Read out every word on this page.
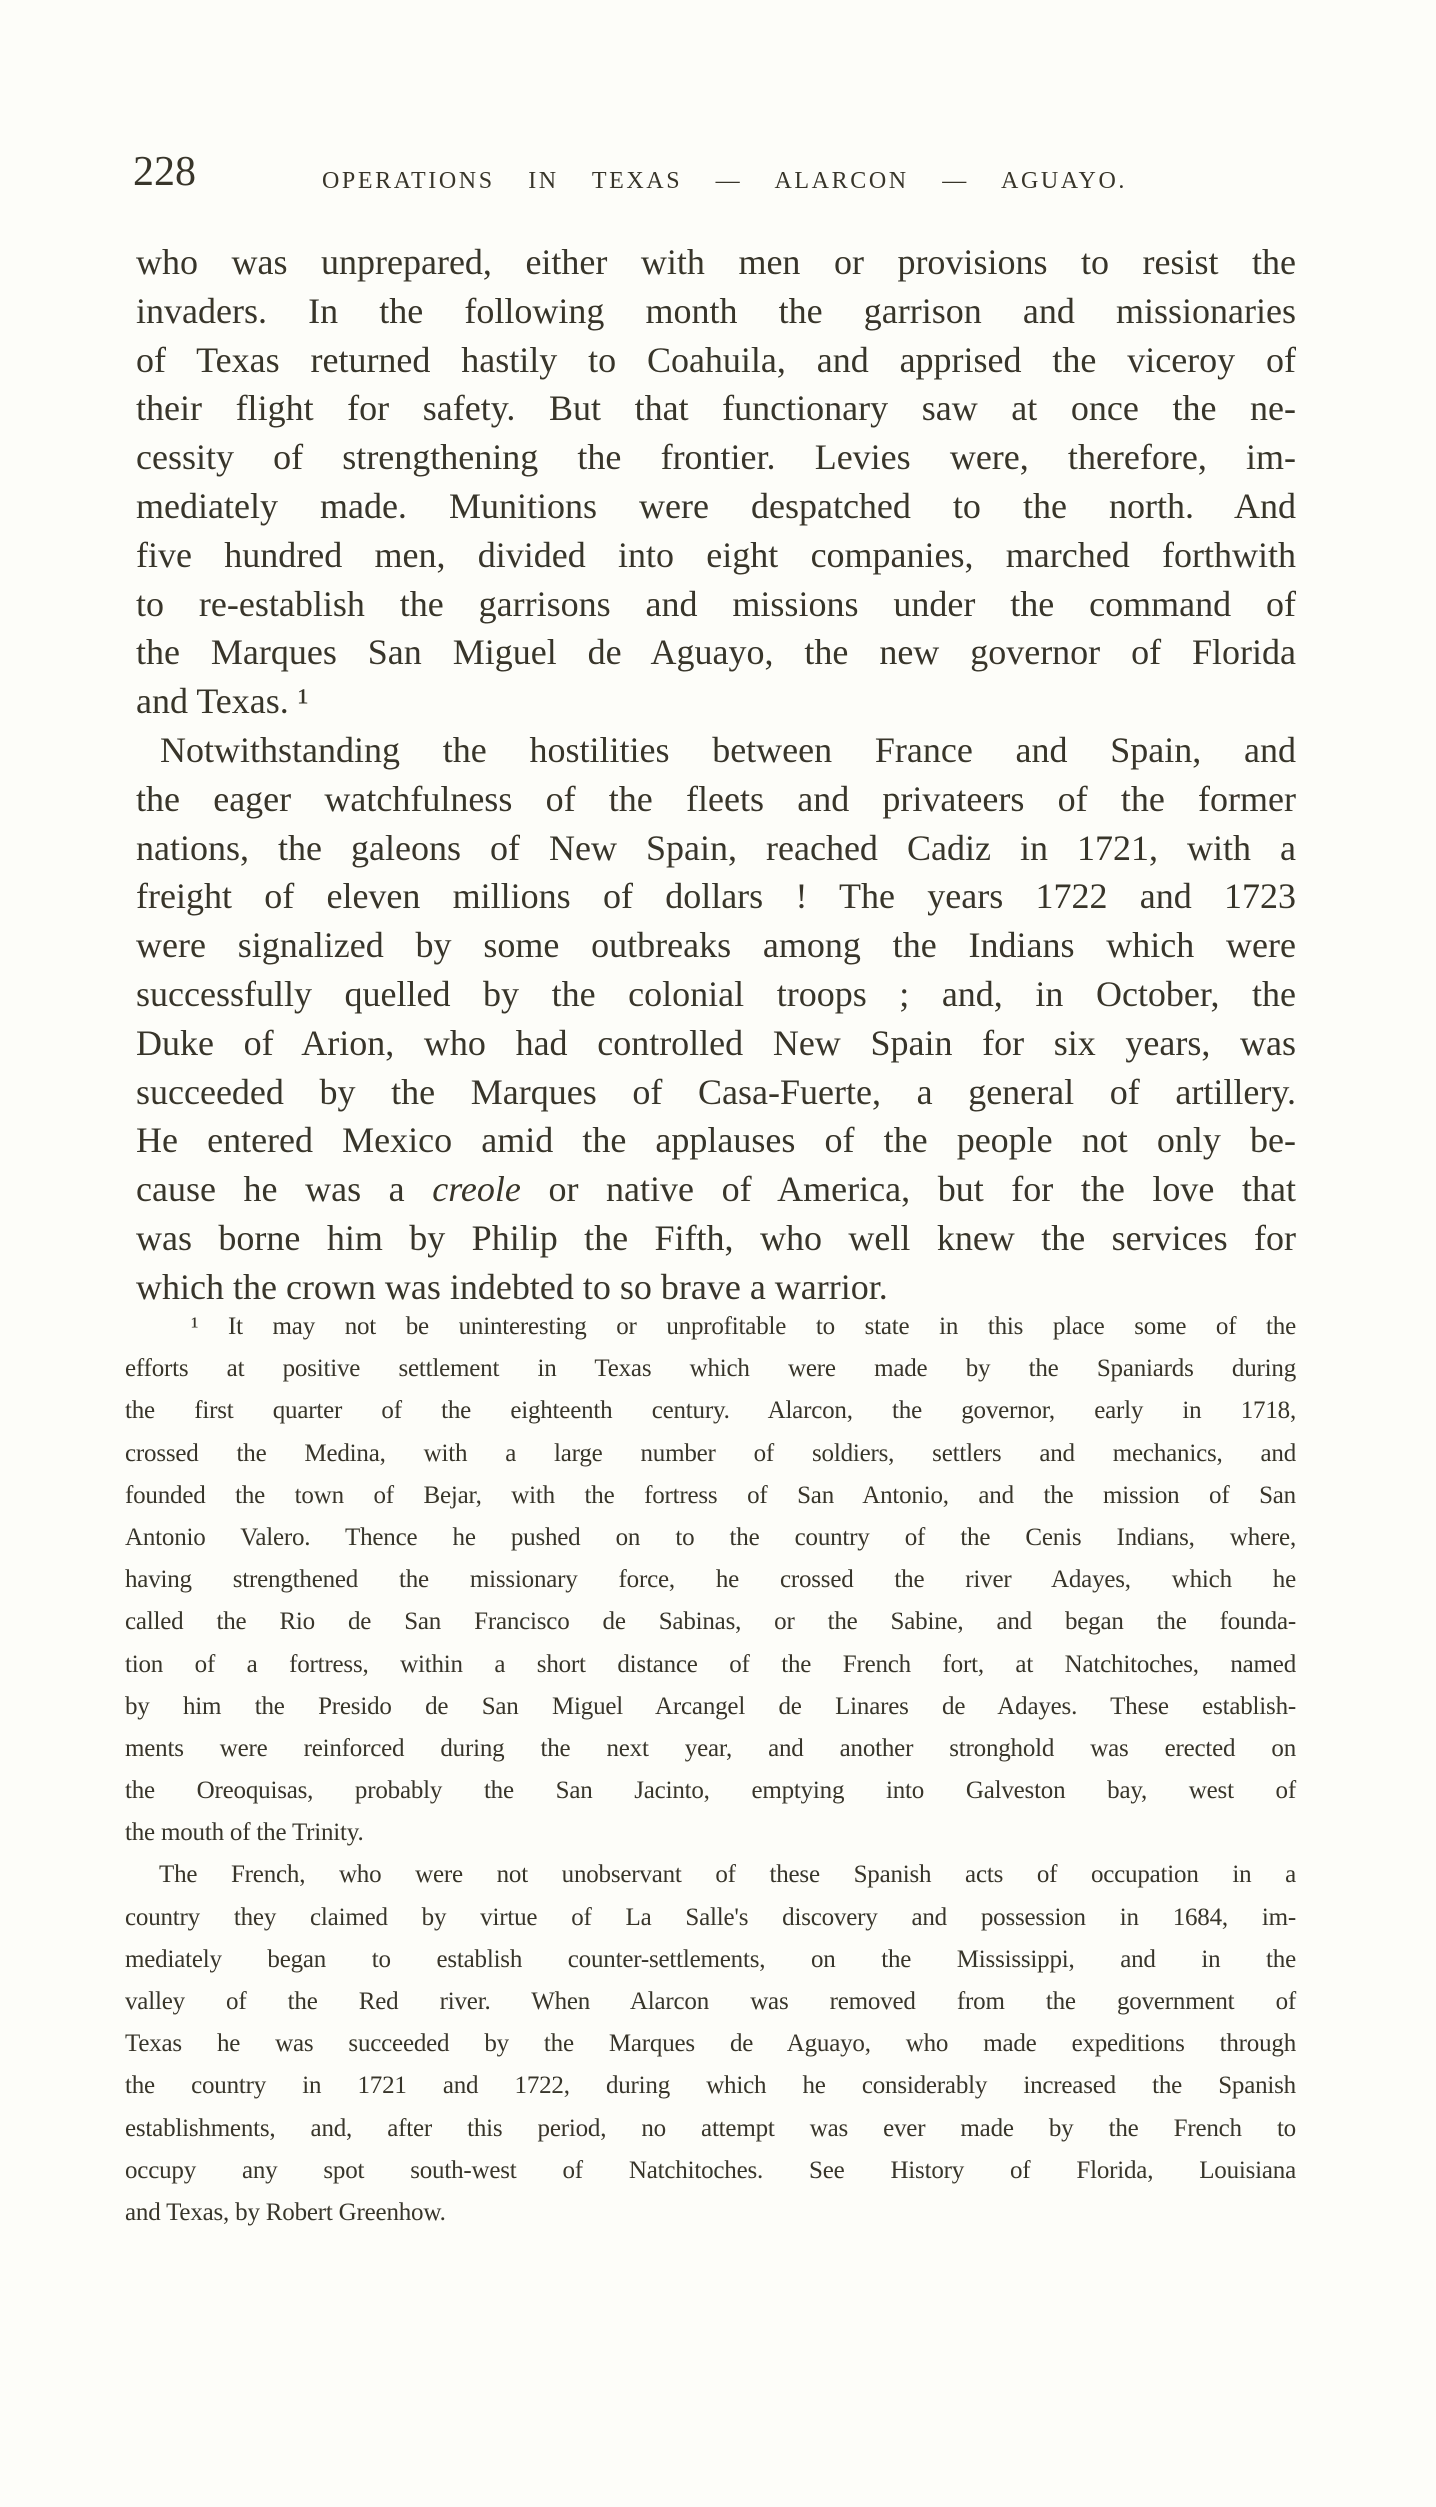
228	OPERATIONS IN TEXAS — ALARCON — AGUAYO.
who was unprepared, either with men or provisions to resist the
invaders. In the following month the garrison and missionaries
of Texas returned hastily to Coahuila, and apprised the viceroy of
their flight for safety. But that functionary saw at once the ne-
cessity of strengthening the frontier. Levies were, therefore, im-
mediately made. Munitions were despatched to the north. And
five hundred men, divided into eight companies, marched forthwith
to re-establish the garrisons and missions under the command of
the Marques San Miguel de Aguayo, the new governor of Florida
and Texas. ¹
Notwithstanding the hostilities between France and Spain, and
the eager watchfulness of the fleets and privateers of the former
nations, the galeons of New Spain, reached Cadiz in 1721, with a
freight of eleven millions of dollars ! The years 1722 and 1723
were signalized by some outbreaks among the Indians which were
successfully quelled by the colonial troops ; and, in October, the
Duke of Arion, who had controlled New Spain for six years, was
succeeded by the Marques of Casa-Fuerte, a general of artillery.
He entered Mexico amid the applauses of the people not only be-
cause he was a creole or native of America, but for the love that
was borne him by Philip the Fifth, who well knew the services for
which the crown was indebted to so brave a warrior.
¹ It may not be uninteresting or unprofitable to state in this place some of the
efforts at positive settlement in Texas which were made by the Spaniards during
the first quarter of the eighteenth century. Alarcon, the governor, early in 1718,
crossed the Medina, with a large number of soldiers, settlers and mechanics, and
founded the town of Bejar, with the fortress of San Antonio, and the mission of San
Antonio Valero. Thence he pushed on to the country of the Cenis Indians, where,
having strengthened the missionary force, he crossed the river Adayes, which he
called the Rio de San Francisco de Sabinas, or the Sabine, and began the founda-
tion of a fortress, within a short distance of the French fort, at Natchitoches, named
by him the Presido de San Miguel Arcangel de Linares de Adayes. These establish-
ments were reinforced during the next year, and another stronghold was erected on
the Oreoquisas, probably the San Jacinto, emptying into Galveston bay, west of
the mouth of the Trinity.
The French, who were not unobservant of these Spanish acts of occupation in a
country they claimed by virtue of La Salle's discovery and possession in 1684, im-
mediately began to establish counter-settlements, on the Mississippi, and in the
valley of the Red river. When Alarcon was removed from the government of
Texas he was succeeded by the Marques de Aguayo, who made expeditions through
the country in 1721 and 1722, during which he considerably increased the Spanish
establishments, and, after this period, no attempt was ever made by the French to
occupy any spot south-west of Natchitoches. See History of Florida, Louisiana
and Texas, by Robert Greenhow.
